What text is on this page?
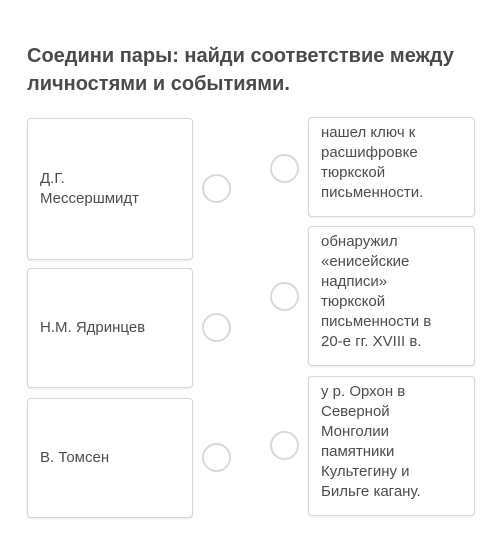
Соедини пары: найди соответствие между личностями и событиями.
Д.Г.
Мессершмидт
Н.М. Ядринцев
В. Томсен
нашел ключ к
расшифровке
тюркской
письменности.
обнаружил
«енисейские
надписи»
тюркской
письменности в
20-е гг. XVIII в.
у р. Орхон в
Северной
Монголии
памятники
Культегину и
Бильге кагану.
